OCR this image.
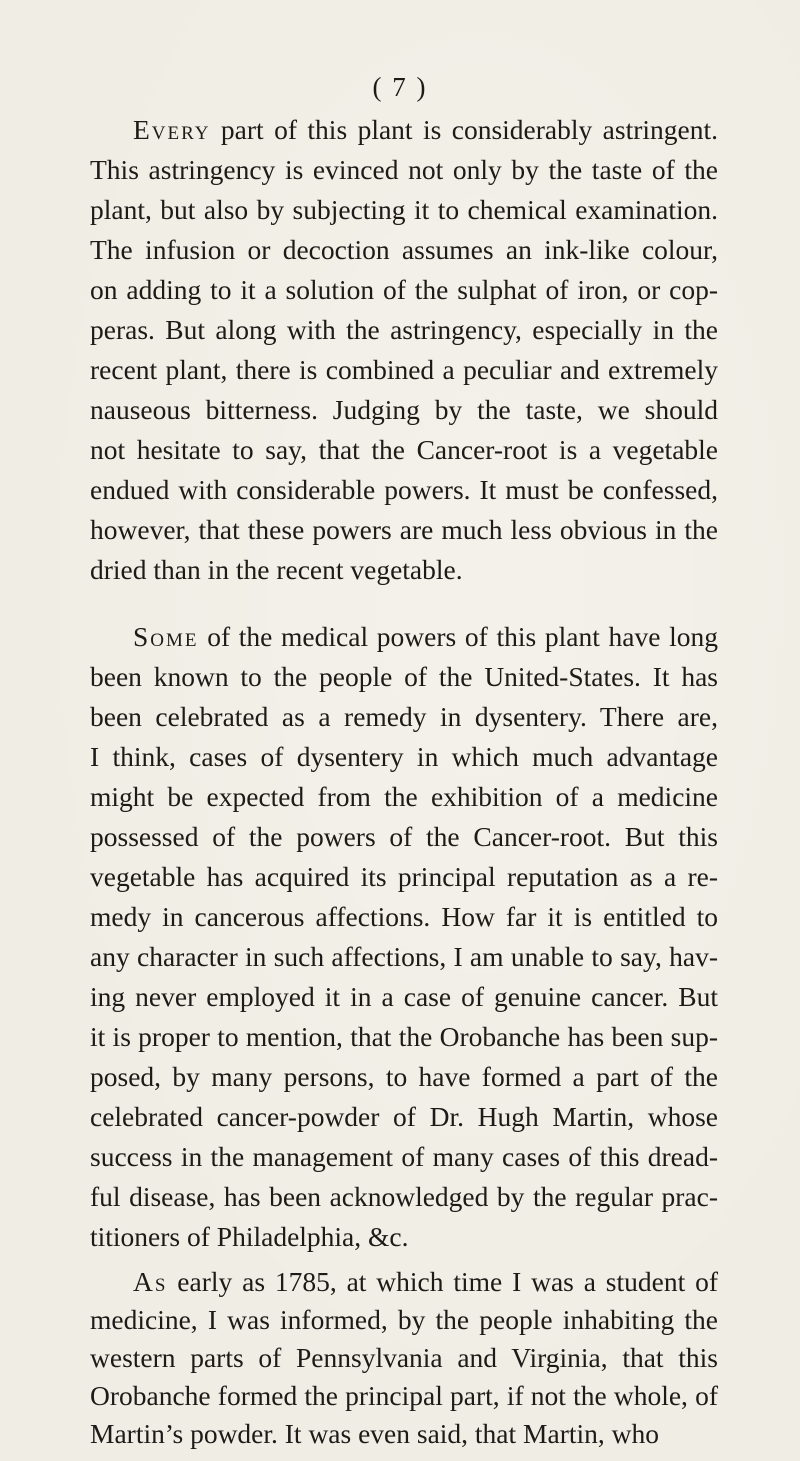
( 7 )
Every part of this plant is considerably astringent.
This astringency is evinced not only by the taste of the
plant, but also by subjecting it to chemical examination.
The infusion or decoction assumes an ink-like colour,
on adding to it a solution of the sulphat of iron, or cop-
peras. But along with the astringency, especially in the
recent plant, there is combined a peculiar and extremely
nauseous bitterness. Judging by the taste, we should
not hesitate to say, that the Cancer-root is a vegetable
endued with considerable powers. It must be confessed,
however, that these powers are much less obvious in the
dried than in the recent vegetable.
Some of the medical powers of this plant have long
been known to the people of the United-States. It has
been celebrated as a remedy in dysentery. There are,
I think, cases of dysentery in which much advantage
might be expected from the exhibition of a medicine
possessed of the powers of the Cancer-root. But this
vegetable has acquired its principal reputation as a re-
medy in cancerous affections. How far it is entitled to
any character in such affections, I am unable to say, hav-
ing never employed it in a case of genuine cancer. But
it is proper to mention, that the Orobanche has been sup-
posed, by many persons, to have formed a part of the
celebrated cancer-powder of Dr. Hugh Martin, whose
success in the management of many cases of this dread-
ful disease, has been acknowledged by the regular prac-
titioners of Philadelphia, &c.
As early as 1785, at which time I was a student of
medicine, I was informed, by the people inhabiting the
western parts of Pennsylvania and Virginia, that this
Orobanche formed the principal part, if not the whole, of
Martin’s powder. It was even said, that Martin, who
